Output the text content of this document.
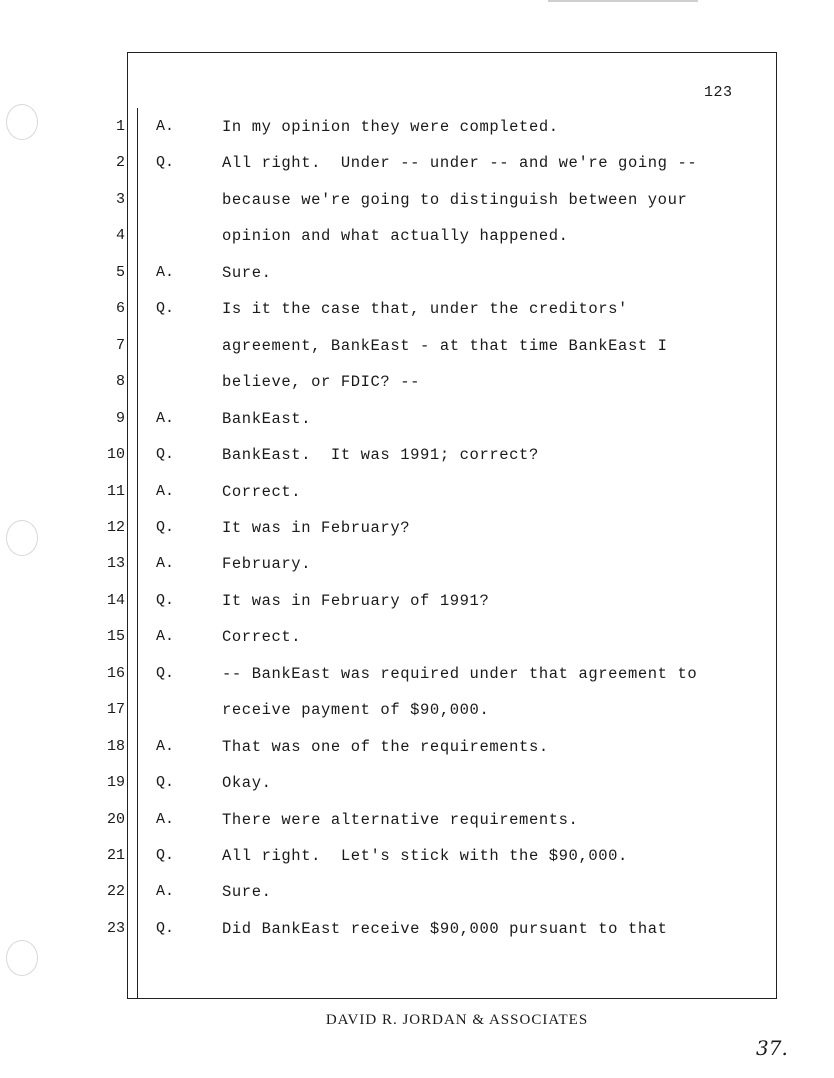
123
1 A.	In my opinion they were completed.
2 Q.	All right.  Under -- under -- and we're going --
3	because we're going to distinguish between your
4	opinion and what actually happened.
5 A.	Sure.
6 Q.	Is it the case that, under the creditors'
7	agreement, BankEast - at that time BankEast I
8	believe, or FDIC? --
9 A.	BankEast.
10 Q.	BankEast.  It was 1991; correct?
11 A.	Correct.
12 Q.	It was in February?
13 A.	February.
14 Q.	It was in February of 1991?
15 A.	Correct.
16 Q.	-- BankEast was required under that agreement to
17	receive payment of $90,000.
18 A.	That was one of the requirements.
19 Q.	Okay.
20 A.	There were alternative requirements.
21 Q.	All right.  Let's stick with the $90,000.
22 A.	Sure.
23 Q.	Did BankEast receive $90,000 pursuant to that
DAVID R. JORDAN & ASSOCIATES
37.
